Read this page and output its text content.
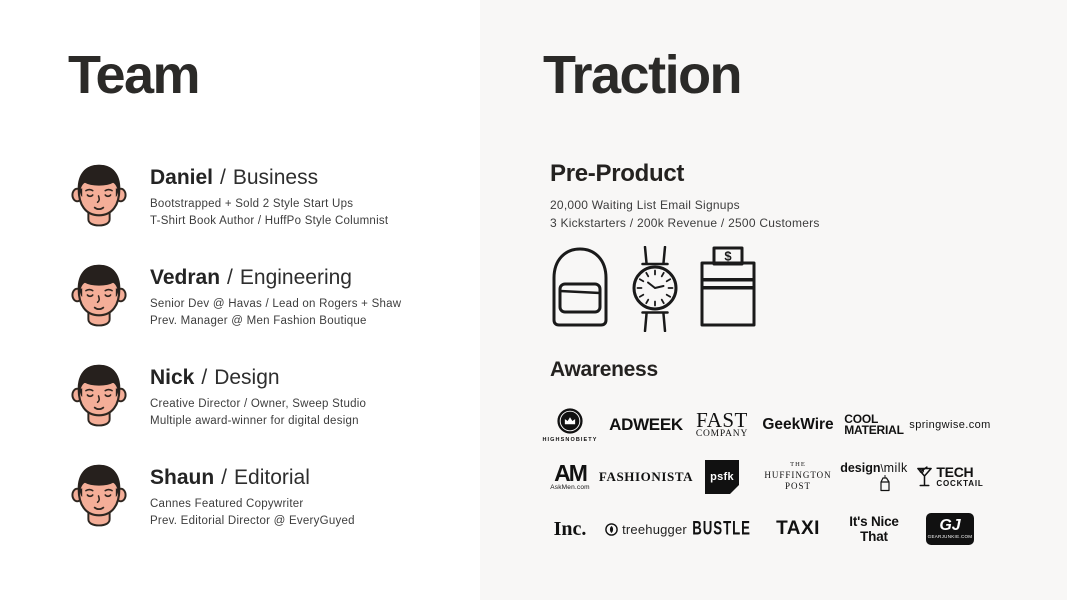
Team	Traction
Daniel / Business
Bootstrapped + Sold 2 Style Start Ups
T-Shirt Book Author / HuffPo Style Columnist
Vedran / Engineering
Senior Dev @ Havas / Lead on Rogers + Shaw
Prev. Manager @ Men Fashion Boutique
Nick / Design
Creative Director / Owner, Sweep Studio
Multiple award-winner for digital design
Shaun / Editorial
Cannes Featured Copywriter
Prev. Editorial Director @ EveryGuyed
Pre-Product
20,000 Waiting List Email Signups
3 Kickstarters / 200k Revenue / 2500 Customers
$
Awareness
HIGHSNOBIETY
ADWEEK FAST
COMPANY
GeekWire COOL
MATERIAL springwise.com
AM
AskMen.com
FASHIONISTA psfk
THE
HUFFINGTON
POST
design \ milk TECH
COCKTAIL
Inc.	treehugger BUSTLE TAXI	It's Nice That
GJ
GEARJUNKIE.COM
